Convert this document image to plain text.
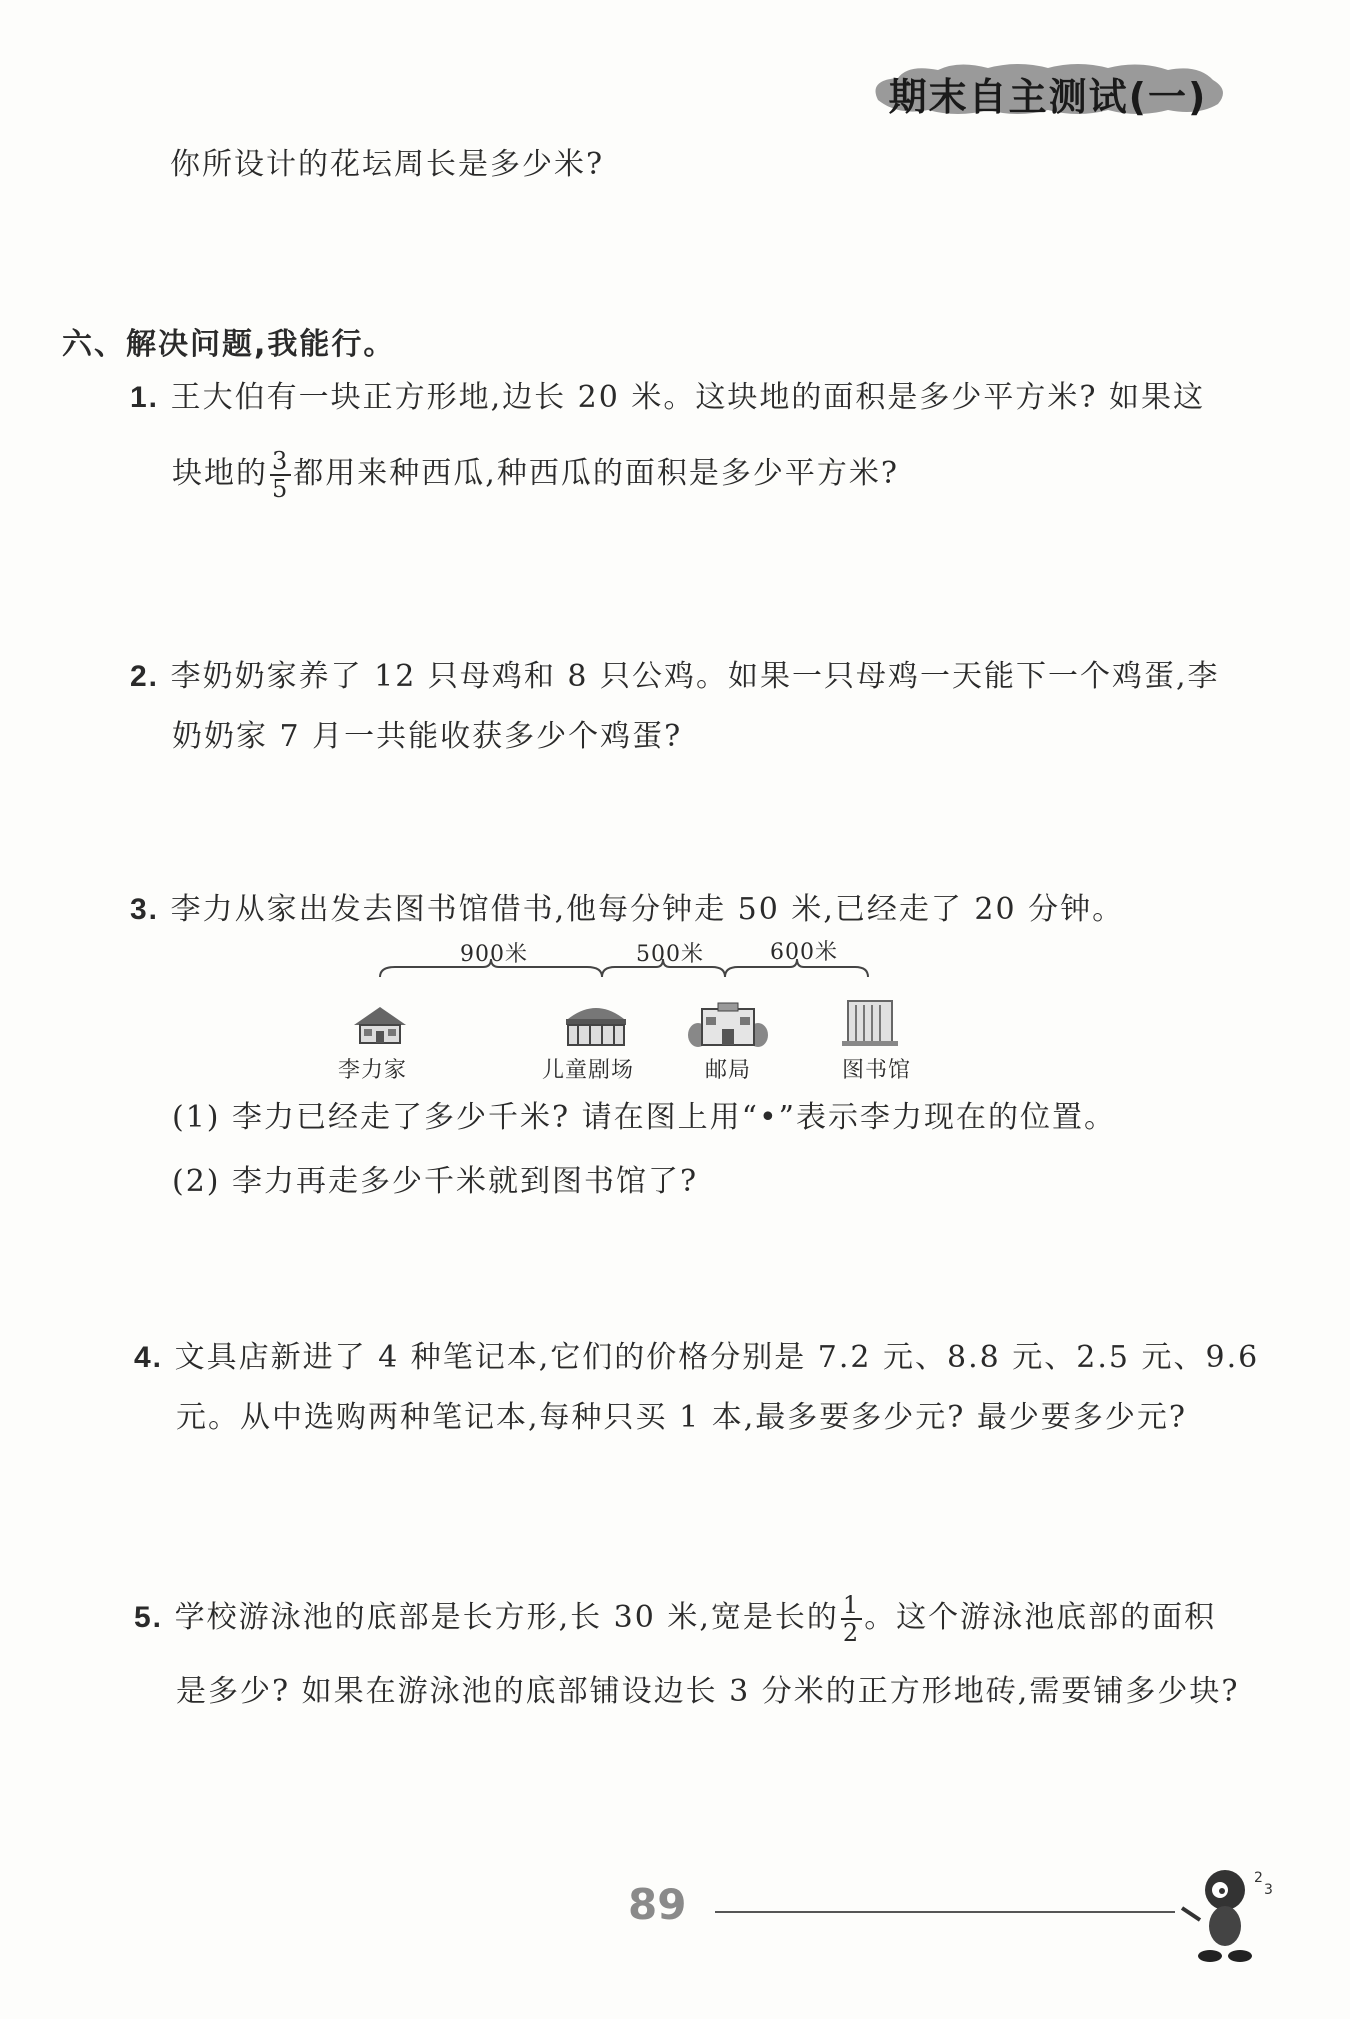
期末自主测试(一)
你所设计的花坛周长是多少米?
六、解决问题,我能行。
1. 王大伯有一块正方形地,边长 20 米。这块地的面积是多少平方米? 如果这
块地的 $\frac{3}{5}$ 都用来种西瓜,种西瓜的面积是多少平方米?
2. 李奶奶家养了 12 只母鸡和 8 只公鸡。如果一只母鸡一天能下一个鸡蛋,李
奶奶家 7 月一共能收获多少个鸡蛋?
3. 李力从家出发去图书馆借书,他每分钟走 50 米,已经走了 20 分钟。
900米	500米	600米
李力家	儿童剧场	邮局	图书馆
(1) 李力已经走了多少千米? 请在图上用“•”表示李力现在的位置。
(2) 李力再走多少千米就到图书馆了?
4. 文具店新进了 4 种笔记本,它们的价格分别是 7.2 元、8.8 元、2.5 元、9.6
元。从中选购两种笔记本,每种只买 1 本,最多要多少元? 最少要多少元?
5. 学校游泳池的底部是长方形,长 30 米,宽是长的 $\frac{1}{2}$ 。这个游泳池底部的面积
是多少? 如果在游泳池的底部铺设边长 3 分米的正方形地砖,需要铺多少块?
89
2
3
